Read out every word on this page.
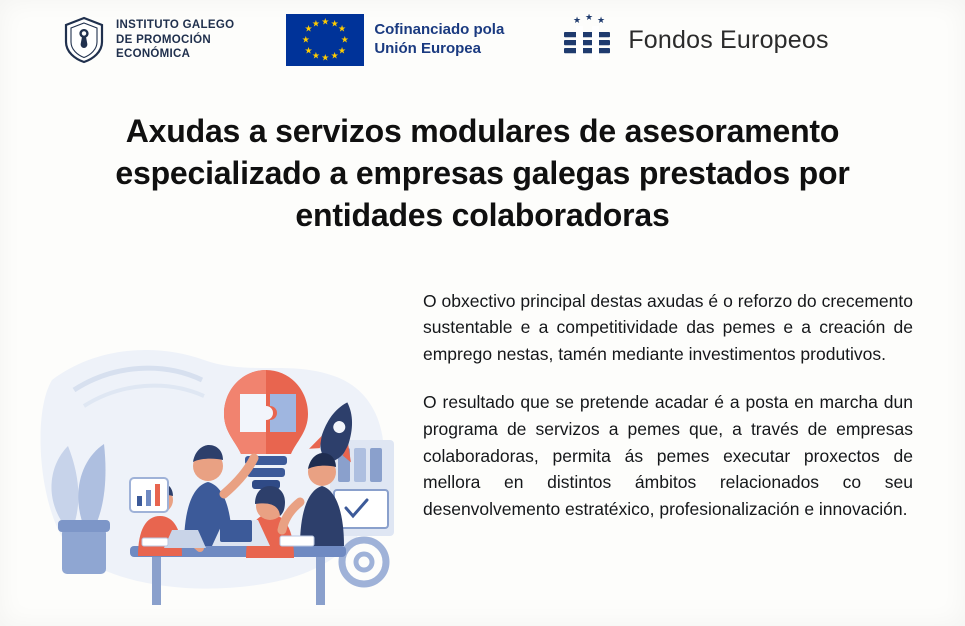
INSTITUTO GALEGO
DE PROMOCIÓN
ECONÓMICA
★ ★ ★
★
★
★
★
★
★
★
★ ★	Cofinanciado pola
Unión Europea
★ ★ ★
Fondos Europeos
Axudas a servizos modulares de asesoramento especializado a empresas galegas prestados por entidades colaboradoras

O obxectivo principal destas axudas é o reforzo do crecemento sustentable e a competitividade das pemes e a creación de emprego nestas, tamén mediante investimentos produtivos.

O resultado que se pretende acadar é a posta en marcha dun programa de servizos a pemes que, a través de empresas colaboradoras, permita ás pemes executar proxectos de mellora en distintos ámbitos relacionados co seu desenvolvemento estratéxico, profesionalización e innovación.
